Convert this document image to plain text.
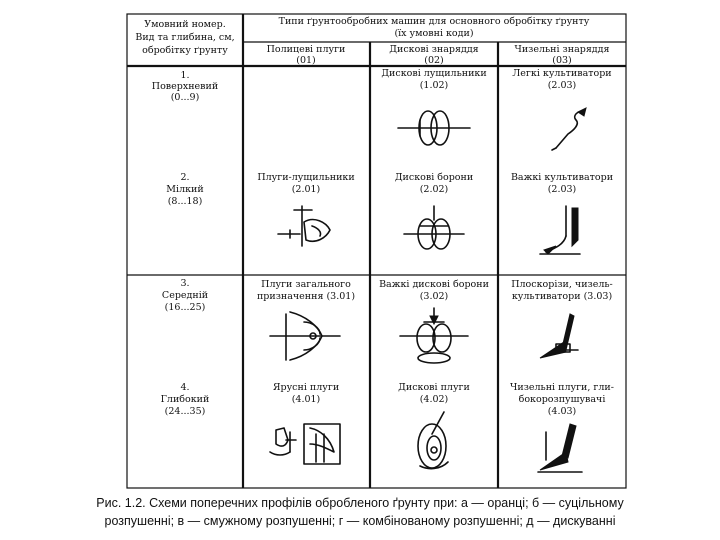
Умовний номер.
Вид та глибина, см,
обробітку ґрунту
Типи ґрунтообробних машин для основного обробітку ґрунту
(їх умовні коди)
Полицеві плуги
(01)
Дискові знаряддя
(02)
Чизельні знаряддя
(03)
1.
Поверхневий
(0...9)
2.
Мілкий
(8...18)
3.
Середній
(16...25)
4.
Глибокий
(24...35)
Дискові лущильники
(1.02)
Легкі культиватори
(2.03)
Плуги-лущильники
(2.01)
Дискові борони
(2.02)
Важкі культиватори
(2.03)
Плуги загального
призначення (3.01)
Важкі дискові борони
(3.02)
Плоскорізи, чизель-
культиватори (3.03)
Ярусні плуги
(4.01)
Дискові плуги
(4.02)
Чизельні плуги, гли-
бокорозпушувачі
(4.03)
Рис. 1.2. Схеми поперечних профілів обробленого ґрунту при: а — оранці; б — суцільному
розпушенні; в — смужному розпушенні; г — комбінованому розпушенні; д — дискуванні
